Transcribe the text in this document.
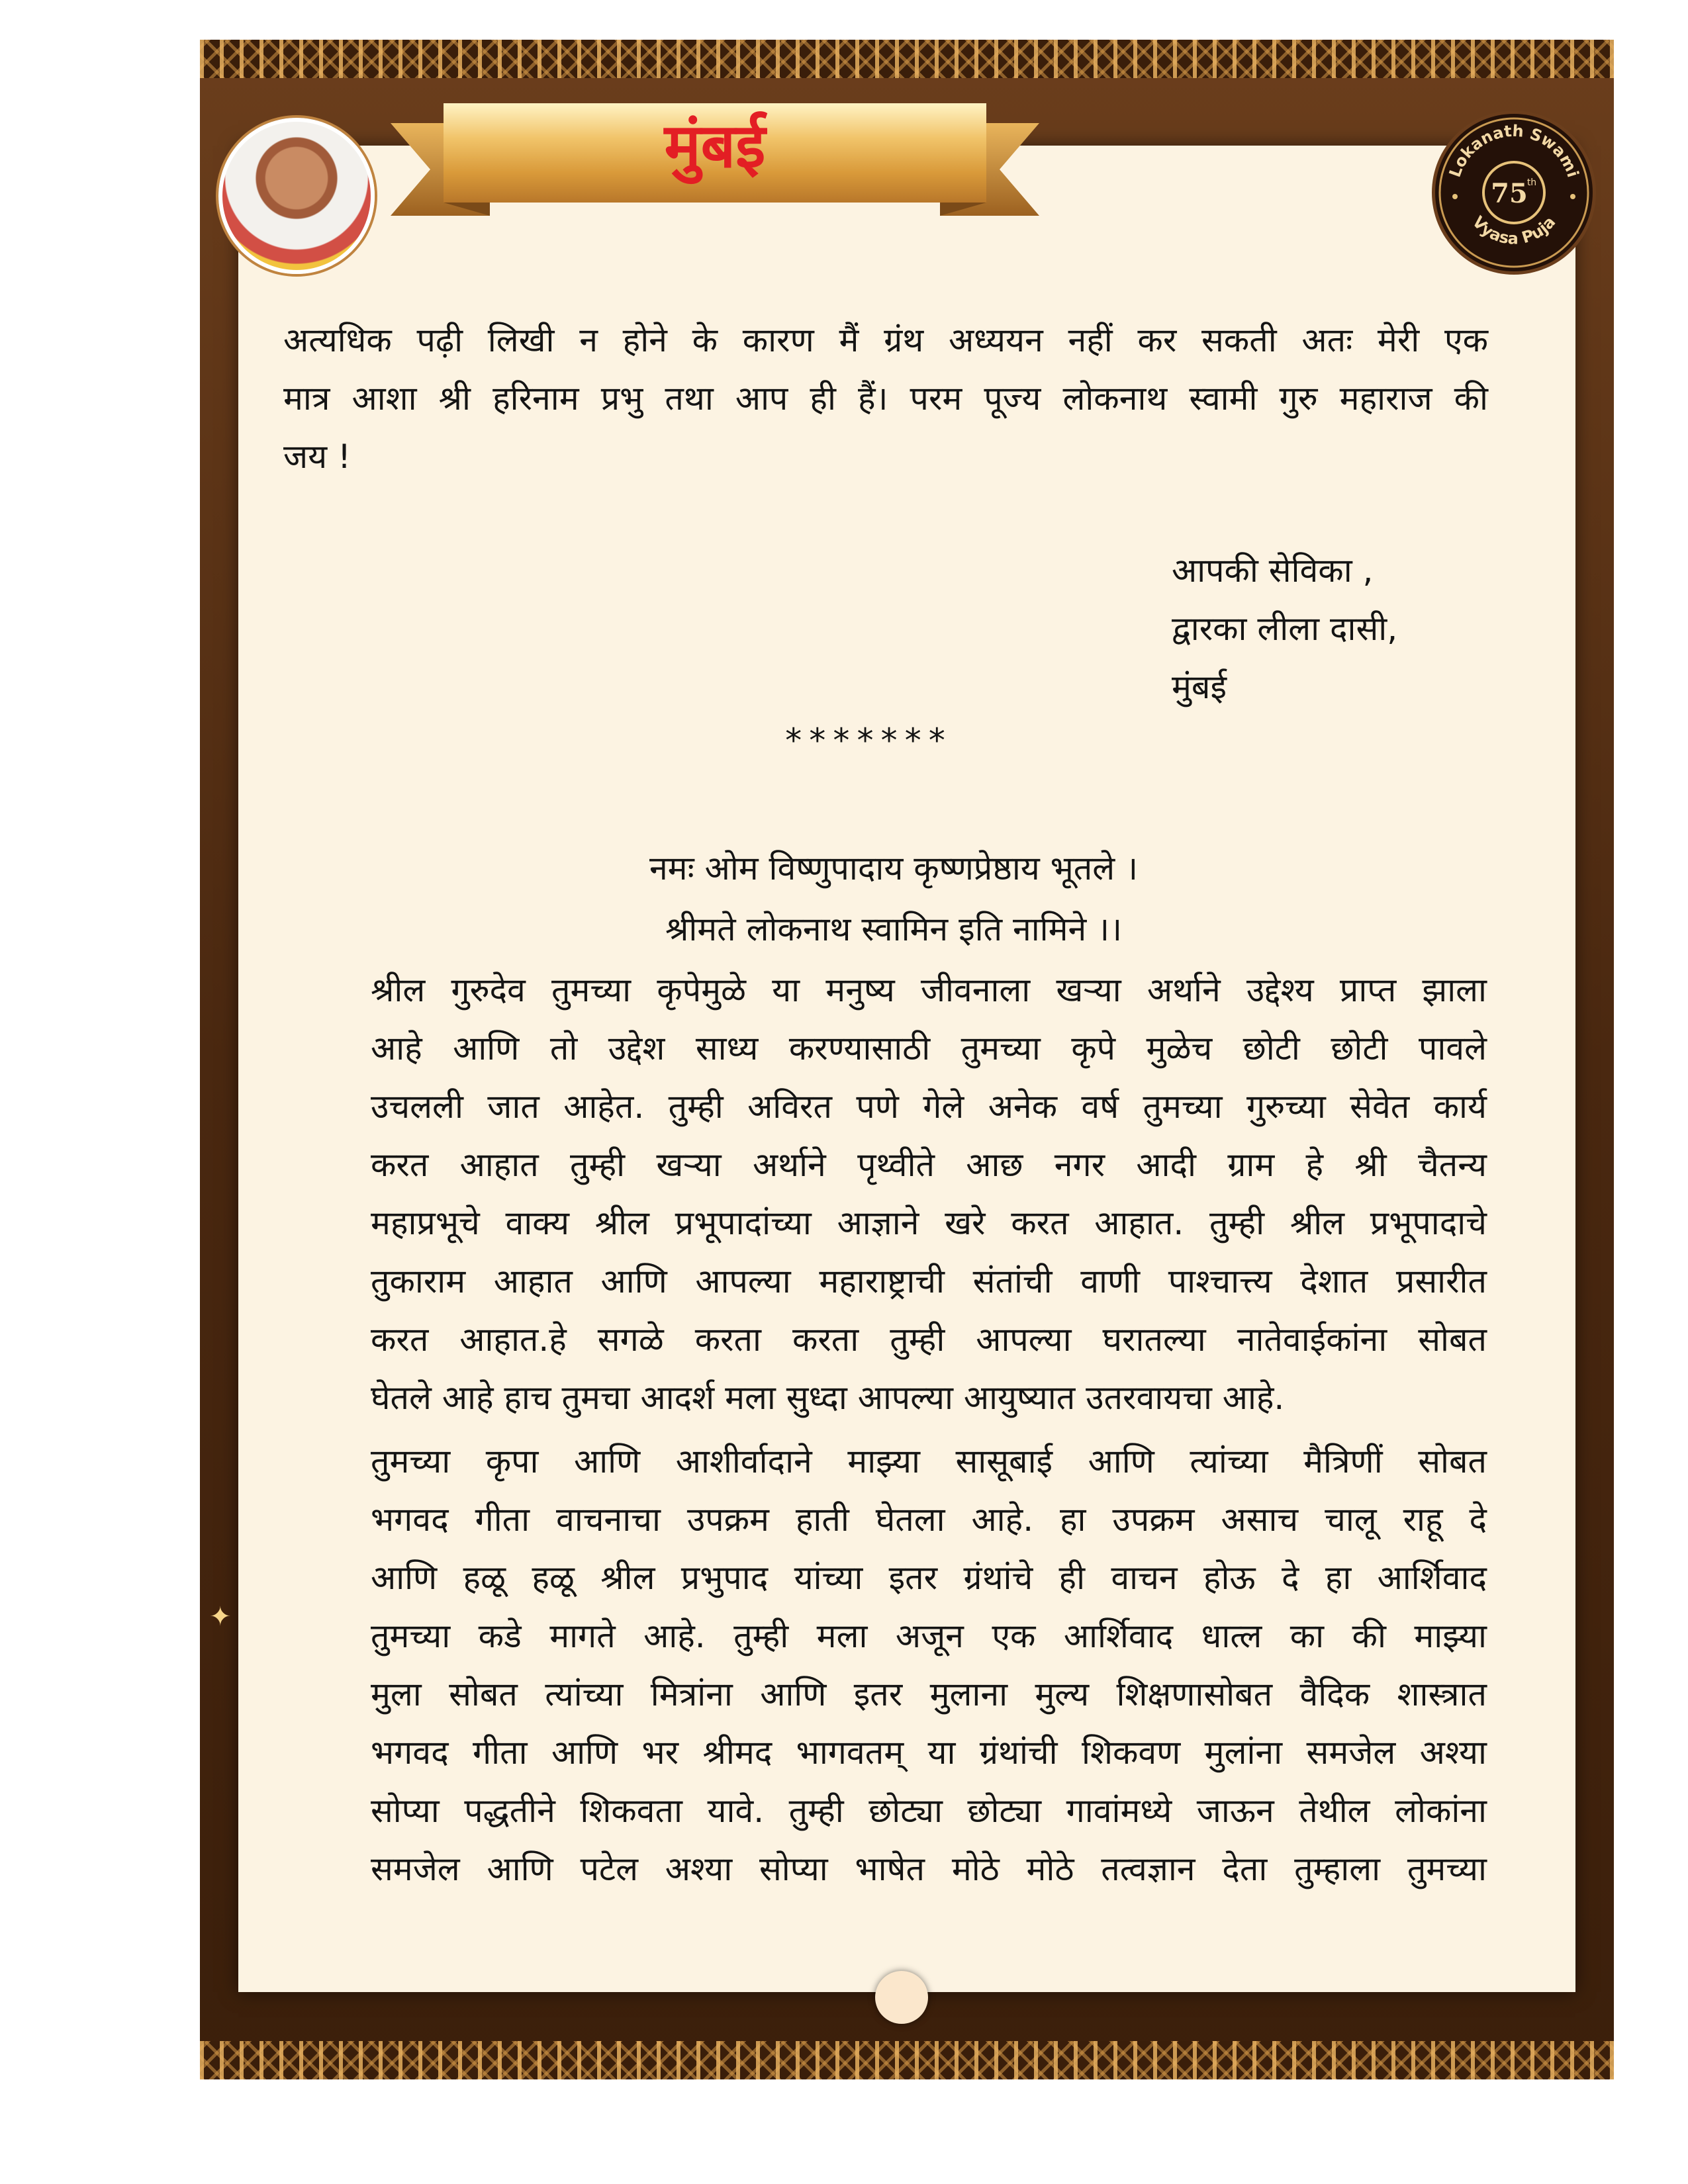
मुंबई	Lokanath Swami
75
th
Vyasa Puja
अत्यधिक पढ़ी लिखी न होने के कारण मैं ग्रंथ अध्ययन नहीं कर सकती अतः मेरी एक
मात्र आशा श्री हरिनाम प्रभु तथा आप ही हैं। परम पूज्य लोकनाथ स्वामी गुरु महाराज की
जय !
आपकी सेविका ,
द्वारका लीला दासी,
मुंबई
*******
नमः ओम विष्णुपादाय कृष्णप्रेष्ठाय भूतले ।
श्रीमते लोकनाथ स्वामिन इति नामिने ।।
श्रील गुरुदेव तुमच्या कृपेमुळे या मनुष्य जीवनाला खऱ्या अर्थाने उद्देश्य प्राप्त झाला
आहे आणि तो उद्देश साध्य करण्यासाठी तुमच्या कृपे मुळेच छोटी छोटी पावले
उचलली जात आहेत. तुम्ही अविरत पणे गेले अनेक वर्ष तुमच्या गुरुच्या सेवेत कार्य
करत आहात तुम्ही खऱ्या अर्थाने पृथ्वीते आछ नगर आदी ग्राम हे श्री चैतन्य
महाप्रभूचे वाक्य श्रील प्रभूपादांच्या आज्ञाने खरे करत आहात. तुम्ही श्रील प्रभूपादाचे
तुकाराम आहात आणि आपल्या महाराष्ट्राची संतांची वाणी पाश्चात्त्य देशात प्रसारीत
करत आहात.हे सगळे करता करता तुम्ही आपल्या घरातल्या नातेवाईकांना सोबत
घेतले आहे हाच तुमचा आदर्श मला सुध्दा आपल्या आयुष्यात उतरवायचा आहे.
तुमच्या कृपा आणि आशीर्वादाने माझ्या सासूबाई आणि त्यांच्या मैत्रिणीं सोबत
भगवद गीता वाचनाचा उपक्रम हाती घेतला आहे. हा उपक्रम असाच चालू राहू दे
आणि हळू हळू श्रील प्रभुपाद यांच्या इतर ग्रंथांचे ही वाचन होऊ दे हा आर्शिवाद
तुमच्या कडे मागते आहे. तुम्ही मला अजून एक आर्शिवाद धात्ल का की माझ्या
मुला सोबत त्यांच्या मित्रांना आणि इतर मुलाना मुल्य शिक्षणासोबत वैदिक शास्त्रात
भगवद गीता आणि भर श्रीमद भागवतम् या ग्रंथांची शिकवण मुलांना समजेल अश्या
सोप्या पद्धतीने शिकवता यावे. तुम्ही छोट्या छोट्या गावांमध्ये जाऊन तेथील लोकांना
समजेल आणि पटेल अश्या सोप्या भाषेत मोठे मोठे तत्वज्ञान देता तुम्हाला तुमच्या
✦
